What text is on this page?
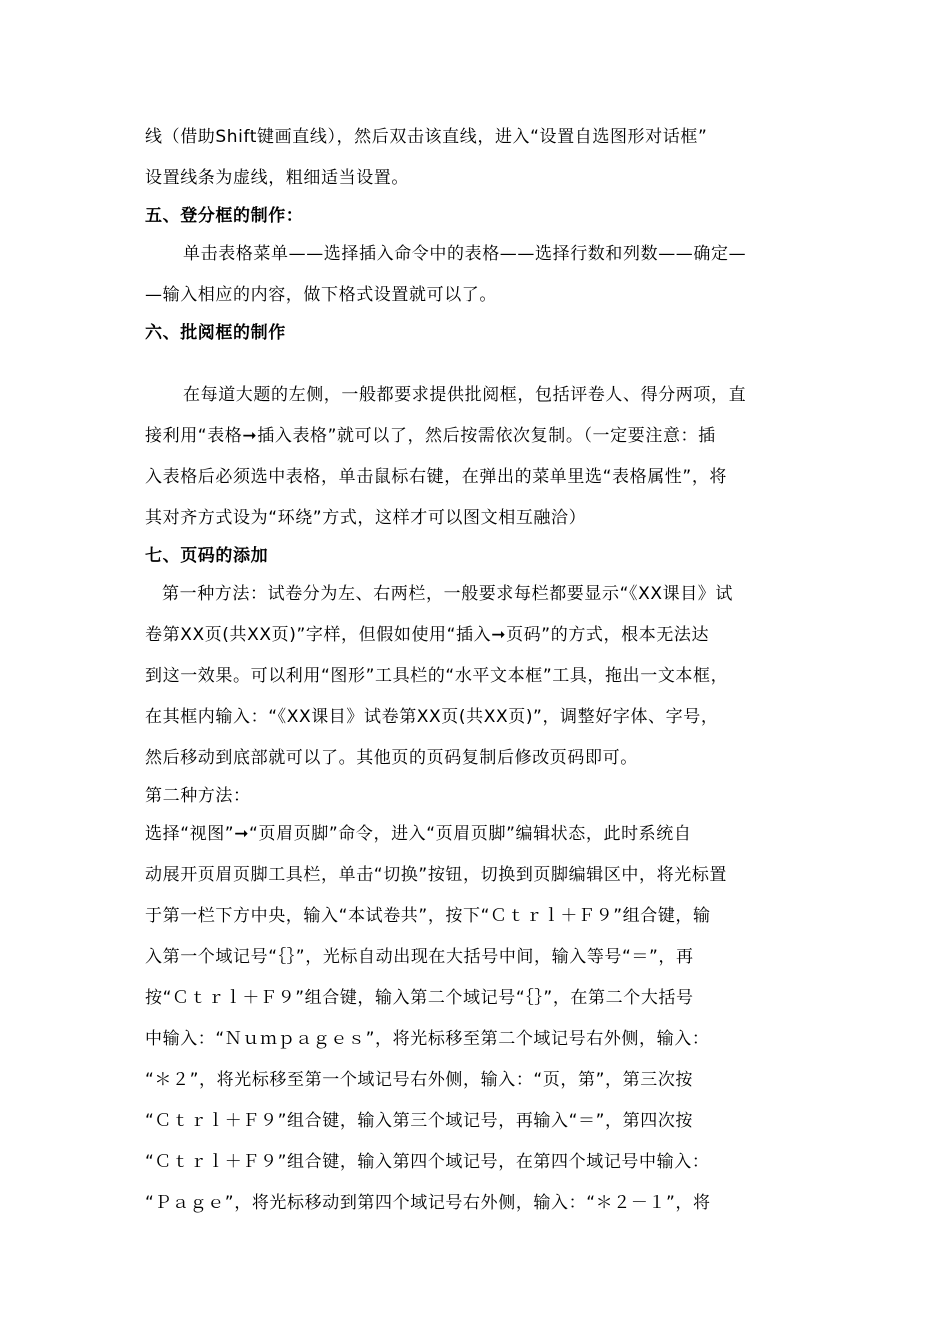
线（借助Shift键画直线），然后双击该直线，进入“设置自选图形对话框”
设置线条为虚线，粗细适当设置。
五、登分框的制作：
单击表格菜单——选择插入命令中的表格——选择行数和列数——确定—
—输入相应的内容，做下格式设置就可以了。
六、批阅框的制作
在每道大题的左侧，一般都要求提供批阅框，包括评卷人、得分两项，直
接利用“表格➞插入表格”就可以了，然后按需依次复制。（一定要注意：插
入表格后必须选中表格，单击鼠标右键，在弹出的菜单里选“表格属性”，将
其对齐方式设为“环绕”方式，这样才可以图文相互融洽）
七、页码的添加
第一种方法：试卷分为左、右两栏，一般要求每栏都要显示“《XX课目》试
卷第XX页(共XX页)”字样，但假如使用“插入➞页码”的方式，根本无法达
到这一效果。可以利用“图形”工具栏的“水平文本框”工具，拖出一文本框，
在其框内输入：“《XX课目》试卷第XX页(共XX页)”，调整好字体、字号，
然后移动到底部就可以了。其他页的页码复制后修改页码即可。
第二种方法：
选择“视图”➞“页眉页脚”命令，进入“页眉页脚”编辑状态，此时系统自
动展开页眉页脚工具栏，单击“切换”按钮，切换到页脚编辑区中，将光标置
于第一栏下方中央，输入“本试卷共”，按下“Ｃｔｒｌ＋Ｆ９”组合键，输
入第一个域记号“｛｝”，光标自动出现在大括号中间，输入等号“＝”，再
按“Ｃｔｒｌ＋Ｆ９”组合键，输入第二个域记号“｛｝”，在第二个大括号
中输入：“Ｎｕｍｐａｇｅｓ”，将光标移至第二个域记号右外侧，输入：
“＊２”，将光标移至第一个域记号右外侧，输入：“页，第”，第三次按
“Ｃｔｒｌ＋Ｆ９”组合键，输入第三个域记号，再输入“＝”，第四次按
“Ｃｔｒｌ＋Ｆ９”组合键，输入第四个域记号，在第四个域记号中输入：
“Ｐａｇｅ”，将光标移动到第四个域记号右外侧，输入：“＊２－１”，将
